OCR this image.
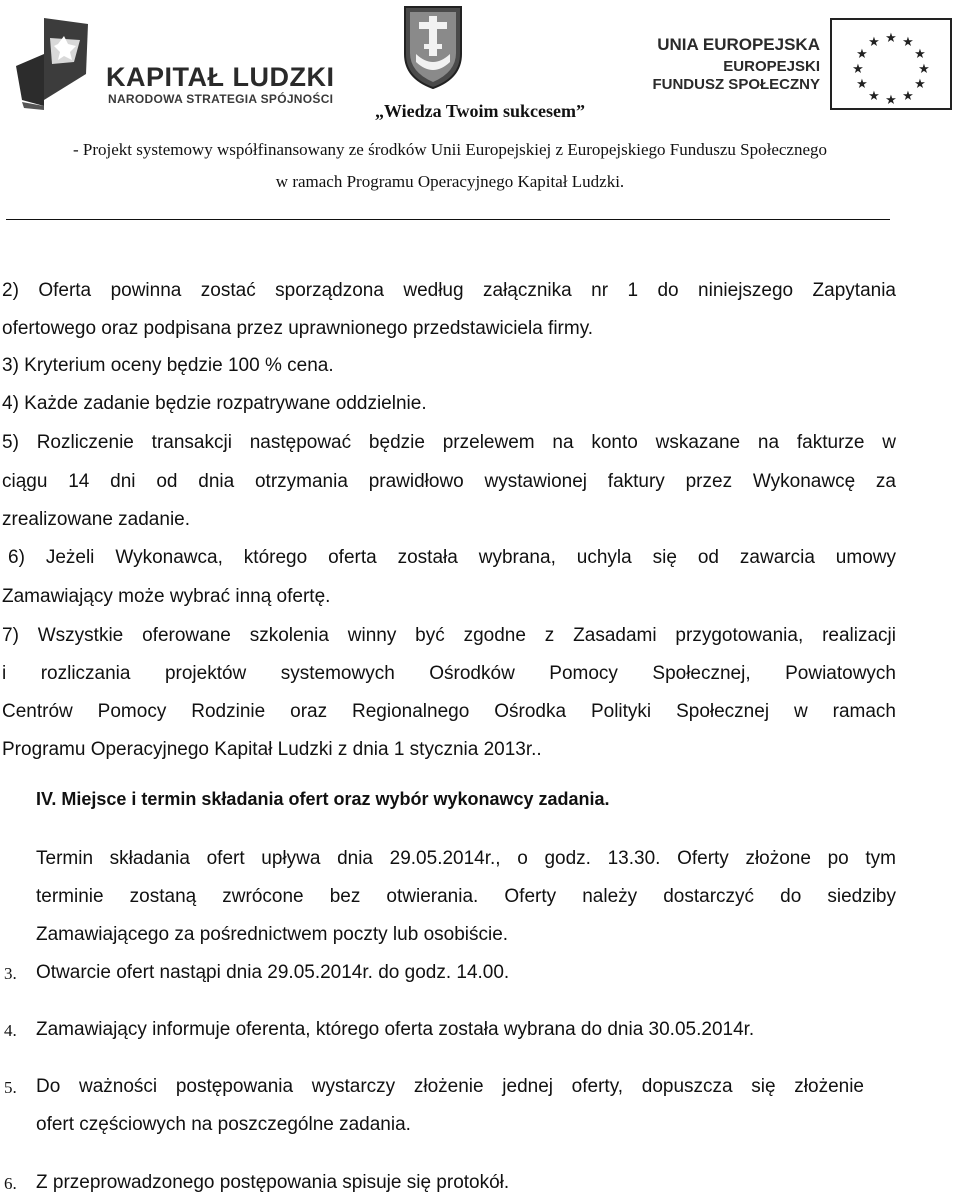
KAPITAŁ LUDZKI
NARODOWA STRATEGIA SPÓJNOŚCI
UNIA EUROPEJSKA
EUROPEJSKI
FUNDUSZ SPOŁECZNY
★ ★
★
★
★
★
★
★
★
★
★
★
„Wiedza Twoim sukcesem”
- Projekt systemowy współfinansowany ze środków Unii Europejskiej z Europejskiego Funduszu Społecznego
w ramach Programu Operacyjnego Kapitał Ludzki.
2) Oferta powinna zostać sporządzona według załącznika nr 1 do niniejszego Zapytania
ofertowego oraz podpisana przez uprawnionego przedstawiciela firmy.
3) Kryterium oceny będzie 100 % cena.
4) Każde zadanie będzie rozpatrywane oddzielnie.
5) Rozliczenie transakcji następować będzie przelewem na konto wskazane na fakturze w
ciągu 14 dni od dnia otrzymania prawidłowo wystawionej faktury przez Wykonawcę za
zrealizowane zadanie.
6) Jeżeli Wykonawca, którego oferta została wybrana, uchyla się od zawarcia umowy
Zamawiający może wybrać inną ofertę.
7) Wszystkie oferowane szkolenia winny być zgodne z Zasadami przygotowania, realizacji
i rozliczania projektów systemowych Ośrodków Pomocy Społecznej, Powiatowych
Centrów Pomocy Rodzinie oraz Regionalnego Ośrodka Polityki Społecznej w ramach
Programu Operacyjnego Kapitał Ludzki z dnia 1 stycznia 2013r..
IV. Miejsce i termin składania ofert oraz wybór wykonawcy zadania.
Termin składania ofert upływa dnia 29.05.2014r., o godz. 13.30. Oferty złożone po tym
terminie zostaną zwrócone bez otwierania. Oferty należy dostarczyć do siedziby
Zamawiającego za pośrednictwem poczty lub osobiście.
3. Otwarcie ofert nastąpi dnia 29.05.2014r. do godz. 14.00.
4. Zamawiający informuje oferenta, którego oferta została wybrana do dnia 30.05.2014r.
5. Do ważności postępowania wystarczy złożenie jednej oferty, dopuszcza się złożenie
ofert częściowych na poszczególne zadania.
6. Z przeprowadzonego postępowania spisuje się protokół.
